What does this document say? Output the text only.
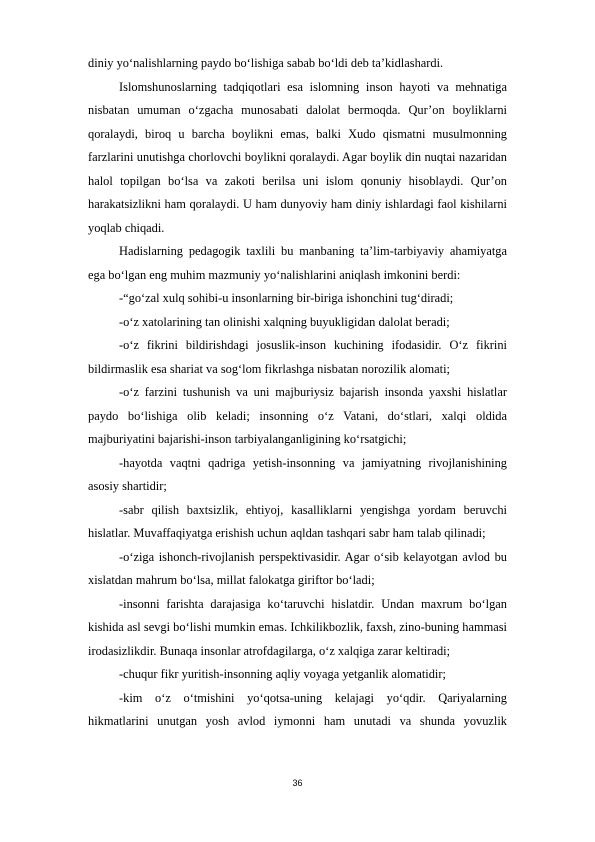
diniy yo‘nalishlarning paydo bo‘lishiga sabab bo‘ldi deb ta’kidlashardi.

Islomshunoslarning tadqiqotlari esa islomning inson hayoti va mehnatiga nisbatan umuman o‘zgacha munosabati dalolat bermoqda. Qur’on boyliklarni qoralaydi, biroq u barcha boylikni emas, balki Xudo qismatni musulmonning farzlarini unutishga chorlovchi boylikni qoralaydi. Agar boylik din nuqtai nazaridan halol topilgan bo‘lsa va zakoti berilsa uni islom qonuniy hisoblaydi. Qur’on harakatsizlikni ham qoralaydi. U ham dunyoviy ham diniy ishlardagi faol kishilarni yoqlab chiqadi.

Hadislarning pedagogik taxlili bu manbaning ta’lim-tarbiyaviy ahamiyatga ega bo‘lgan eng muhim mazmuniy yo‘nalishlarini aniqlash imkonini berdi:

-“go‘zal xulq sohibi-u insonlarning bir-biriga ishonchini tug‘diradi;

-o‘z xatolarining tan olinishi xalqning buyukligidan dalolat beradi;

-o‘z fikrini bildirishdagi josuslik-inson kuchining ifodasidir. O‘z fikrini bildirmaslik esa shariat va sog‘lom fikrlashga nisbatan norozilik alomati;

-o‘z farzini tushunish va uni majburiysiz bajarish insonda yaxshi hislatlar paydo bo‘lishiga olib keladi; insonning o‘z Vatani, do‘stlari, xalqi oldida majburiyatini bajarishi-inson tarbiyalanganligining ko‘rsatgichi;

-hayotda vaqtni qadriga yetish-insonning va jamiyatning rivojlanishining asosiy shartidir;

-sabr qilish baxtsizlik, ehtiyoj, kasalliklarni yengishga yordam beruvchi hislatlar. Muvaffaqiyatga erishish uchun aqldan tashqari sabr ham talab qilinadi;

-o‘ziga ishonch-rivojlanish perspektivasidir. Agar o‘sib kelayotgan avlod bu xislatdan mahrum bo‘lsa, millat falokatga giriftor bo‘ladi;

-insonni farishta darajasiga ko‘taruvchi hislatdir. Undan maxrum bo‘lgan kishida asl sevgi bo‘lishi mumkin emas. Ichkilikbozlik, faxsh, zino-buning hammasi irodasizlikdir. Bunaqa insonlar atrofdagilarga, o‘z xalqiga zarar keltiradi;

-chuqur fikr yuritish-insonning aqliy voyaga yetganlik alomatidir;

-kim o‘z o‘tmishini yo‘qotsa-uning kelajagi yo‘qdir. Qariyalarning hikmatlarini unutgan yosh avlod iymonni ham unutadi va shunda yovuzlik

36
